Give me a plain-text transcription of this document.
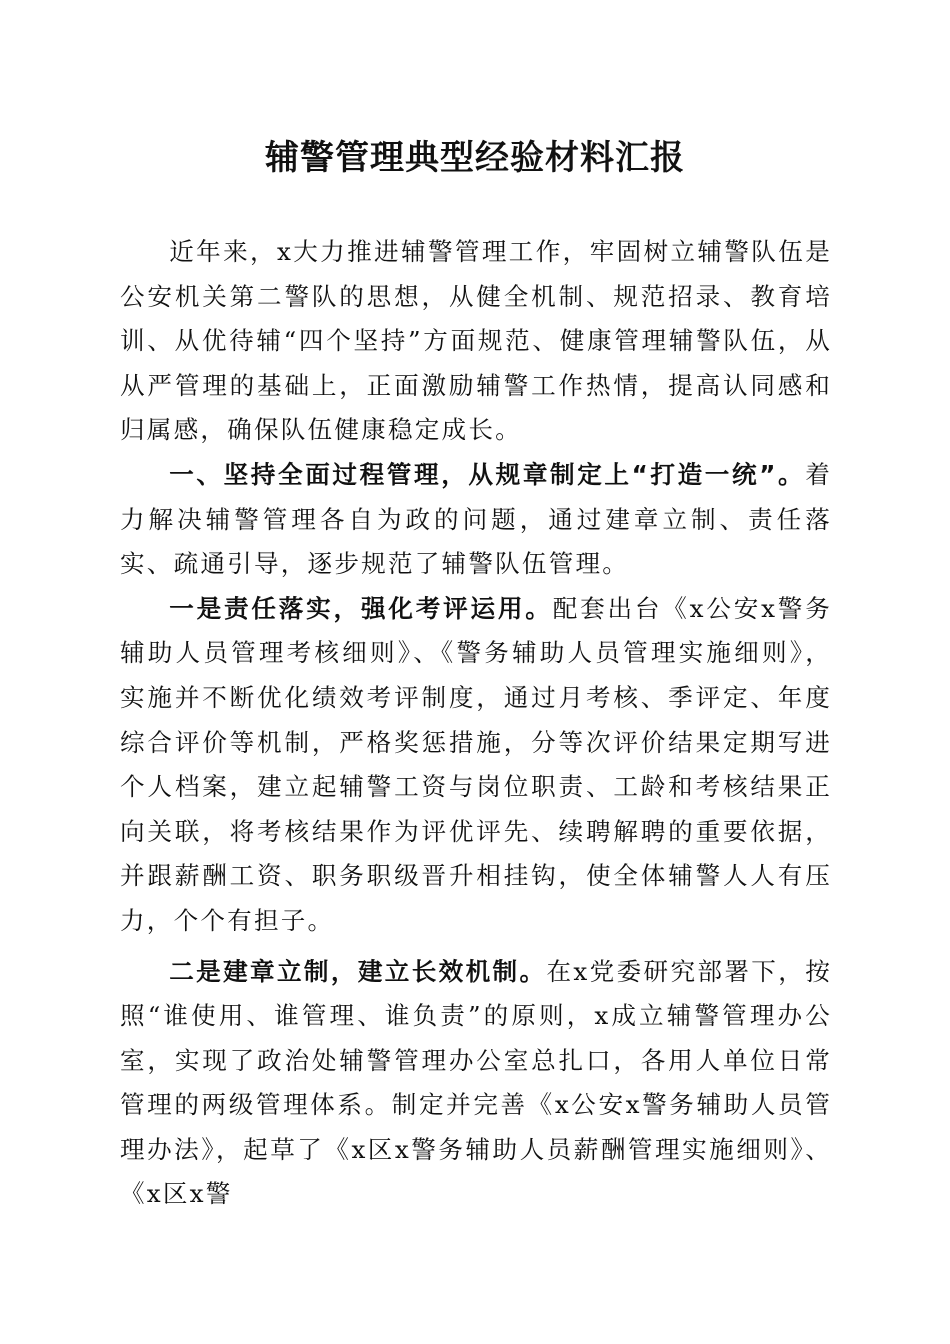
辅警管理典型经验材料汇报

近年来，x大力推进辅警管理工作，牢固树立辅警队伍是公安机关第二警队的思想，从健全机制、规范招录、教育培训、从优待辅“四个坚持”方面规范、健康管理辅警队伍，从从严管理的基础上，正面激励辅警工作热情，提高认同感和归属感，确保队伍健康稳定成长。

一、坚持全面过程管理，从规章制定上“打造一统”。着力解决辅警管理各自为政的问题，通过建章立制、责任落实、疏通引导，逐步规范了辅警队伍管理。

一是责任落实，强化考评运用。配套出台《x公安x警务辅助人员管理考核细则》、《警务辅助人员管理实施细则》，实施并不断优化绩效考评制度，通过月考核、季评定、年度综合评价等机制，严格奖惩措施，分等次评价结果定期写进个人档案，建立起辅警工资与岗位职责、工龄和考核结果正向关联，将考核结果作为评优评先、续聘解聘的重要依据，并跟薪酬工资、职务职级晋升相挂钩，使全体辅警人人有压力，个个有担子。

二是建章立制，建立长效机制。在x党委研究部署下，按照“谁使用、谁管理、谁负责”的原则，x成立辅警管理办公室，实现了政治处辅警管理办公室总扎口，各用人单位日常管理的两级管理体系。制定并完善《x公安x警务辅助人员管理办法》，起草了《x区x警务辅助人员薪酬管理实施细则》、《x区x警
